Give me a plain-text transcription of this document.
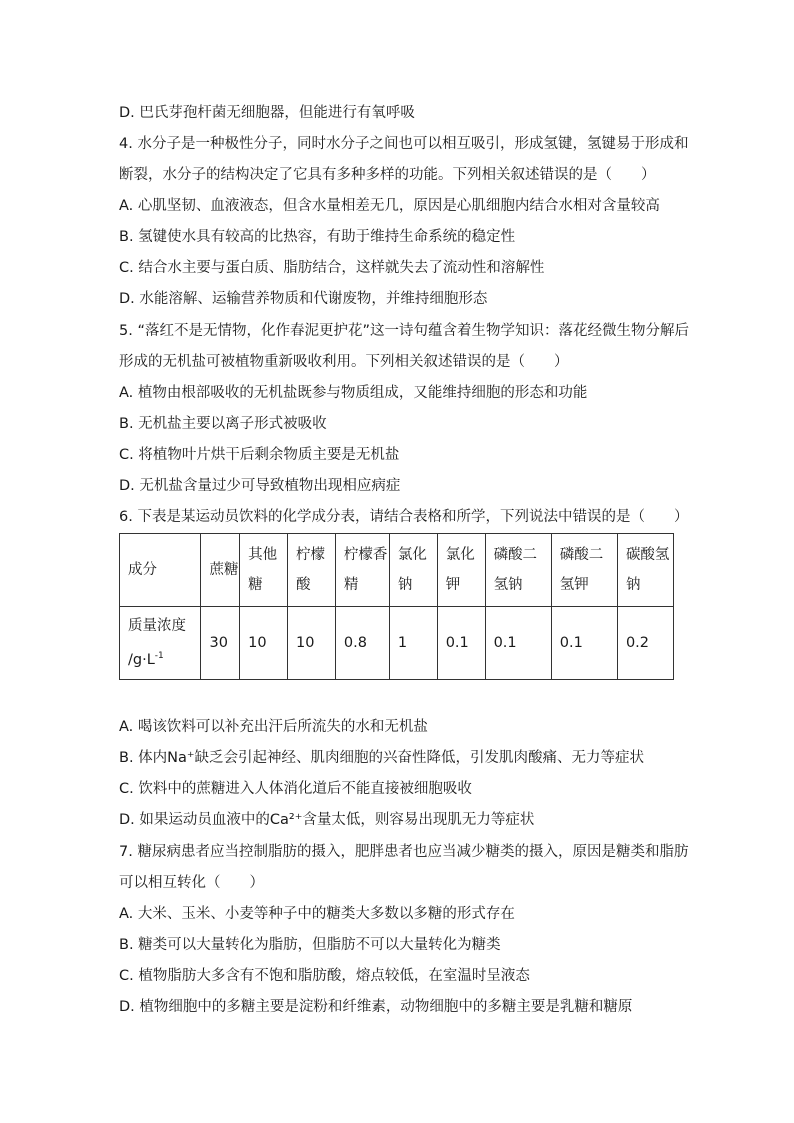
D. 巴氏芽孢杆菌无细胞器，但能进行有氧呼吸
4. 水分子是一种极性分子，同时水分子之间也可以相互吸引，形成氢键，氢键易于形成和
断裂，水分子的结构决定了它具有多种多样的功能。下列相关叙述错误的是（　　）
A. 心肌坚韧、血液液态，但含水量相差无几，原因是心肌细胞内结合水相对含量较高
B. 氢键使水具有较高的比热容，有助于维持生命系统的稳定性
C. 结合水主要与蛋白质、脂肪结合，这样就失去了流动性和溶解性
D. 水能溶解、运输营养物质和代谢废物，并维持细胞形态
5. “落红不是无情物，化作春泥更护花”这一诗句蕴含着生物学知识：落花经微生物分解后
形成的无机盐可被植物重新吸收利用。下列相关叙述错误的是（　　）
A. 植物由根部吸收的无机盐既参与物质组成，又能维持细胞的形态和功能
B. 无机盐主要以离子形式被吸收
C. 将植物叶片烘干后剩余物质主要是无机盐
D. 无机盐含量过少可导致植物出现相应病症
6. 下表是某运动员饮料的化学成分表，请结合表格和所学，下列说法中错误的是（　　）
成分	蔗糖	其他糖	柠檬酸	柠檬香精	氯化钠	氯化钾	磷酸二氢钠	磷酸二氢钾	碳酸氢钠

质量浓度
$/g\cdot L^{-1}$	30	10	10	0.8	1	0.1	0.1	0.1	0.2
A. 喝该饮料可以补充出汗后所流失的水和无机盐
B. 体内Na⁺缺乏会引起神经、肌肉细胞的兴奋性降低，引发肌肉酸痛、无力等症状
C. 饮料中的蔗糖进入人体消化道后不能直接被细胞吸收
D. 如果运动员血液中的Ca²⁺含量太低，则容易出现肌无力等症状
7. 糖尿病患者应当控制脂肪的摄入，肥胖患者也应当减少糖类的摄入，原因是糖类和脂肪
可以相互转化（　　）
A. 大米、玉米、小麦等种子中的糖类大多数以多糖的形式存在
B. 糖类可以大量转化为脂肪，但脂肪不可以大量转化为糖类
C. 植物脂肪大多含有不饱和脂肪酸，熔点较低，在室温时呈液态
D. 植物细胞中的多糖主要是淀粉和纤维素，动物细胞中的多糖主要是乳糖和糖原
